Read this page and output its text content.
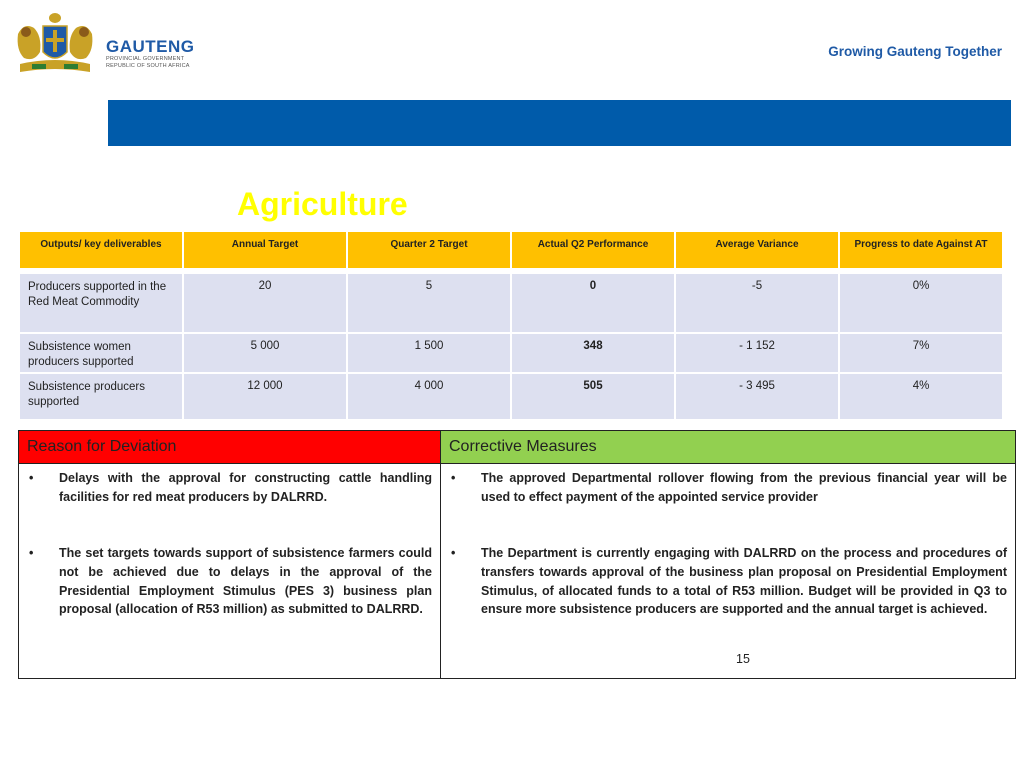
GAUTENG
PROVINCIAL GOVERNMENT
REPUBLIC OF SOUTH AFRICA
Growing Gauteng Together
Agriculture
Outputs/ key deliverables	Annual Target	Quarter 2 Target	Actual Q2 Performance	Average Variance	Progress to date Against AT

Producers supported in the Red Meat Commodity	20	5	0	-5	0%
Subsistence women producers supported	5 000	1 500	348	- 1 152	7%
Subsistence producers supported	12 000	4 000	505	- 3 495	4%
Reason for Deviation
• Delays with the approval for constructing cattle handling facilities for red meat producers by DALRRD.
• The set targets towards support of subsistence farmers could not be achieved due to delays in the approval of the Presidential Employment Stimulus (PES 3) business plan proposal (allocation of R53 million) as submitted to DALRRD.
Corrective Measures
• The approved Departmental rollover flowing from the previous financial year will be used to effect payment of the appointed service provider
• The Department is currently engaging with DALRRD on the process and procedures of transfers towards approval of the business plan proposal on Presidential Employment Stimulus, of allocated funds to a total of R53 million. Budget will be provided in Q3 to ensure more subsistence producers are supported and the annual target is achieved.
15
